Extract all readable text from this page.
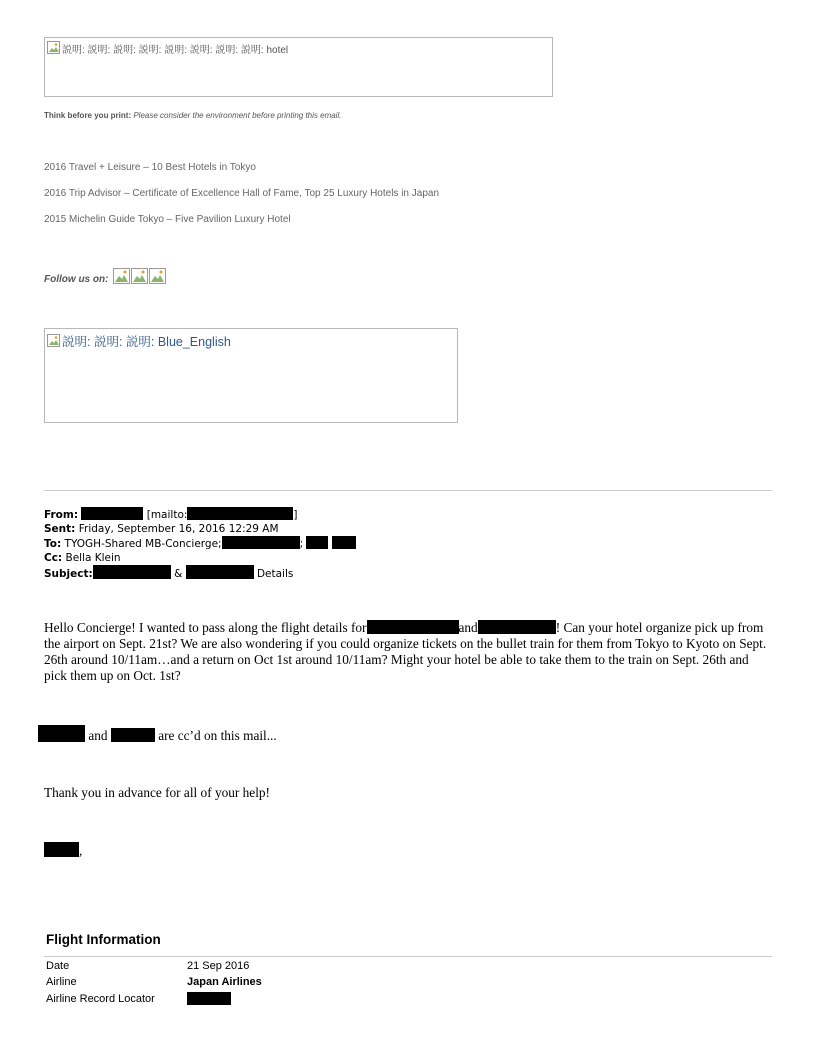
説明: 説明: 説明: 説明: 説明: 説明: 説明: 説明: hotel
Think before you print: Please consider the environment before printing this email.
2016 Travel + Leisure – 10 Best Hotels in Tokyo
2016 Trip Advisor – Certificate of Excellence Hall of Fame, Top 25 Luxury Hotels in Japan
2015 Michelin Guide Tokyo – Five Pavilion Luxury Hotel
Follow us on:
説明: 説明: 説明: Blue_English
From:	[mailto:	]
Sent: Friday, September 16, 2016 12:29 AM
To: TYOGH-Shared MB-Concierge;	;
Cc: Bella Klein
Subject:	&	Details
Hello Concierge! I wanted to pass along the flight details for	and	! Can your hotel organize pick up from the airport on Sept. 21st? We are also wondering if you could organize tickets on the bullet train for them from Tokyo to Kyoto on Sept. 26th around 10/11am…and a return on Oct 1st around 10/11am? Might your hotel be able to take them to the train on Sept. 26th and pick them up on Oct. 1st?
and	are cc’d on this mail...
Thank you in advance for all of your help!
,
Flight Information
Date	21 Sep 2016
Airline	Japan Airlines
Airline Record Locator
